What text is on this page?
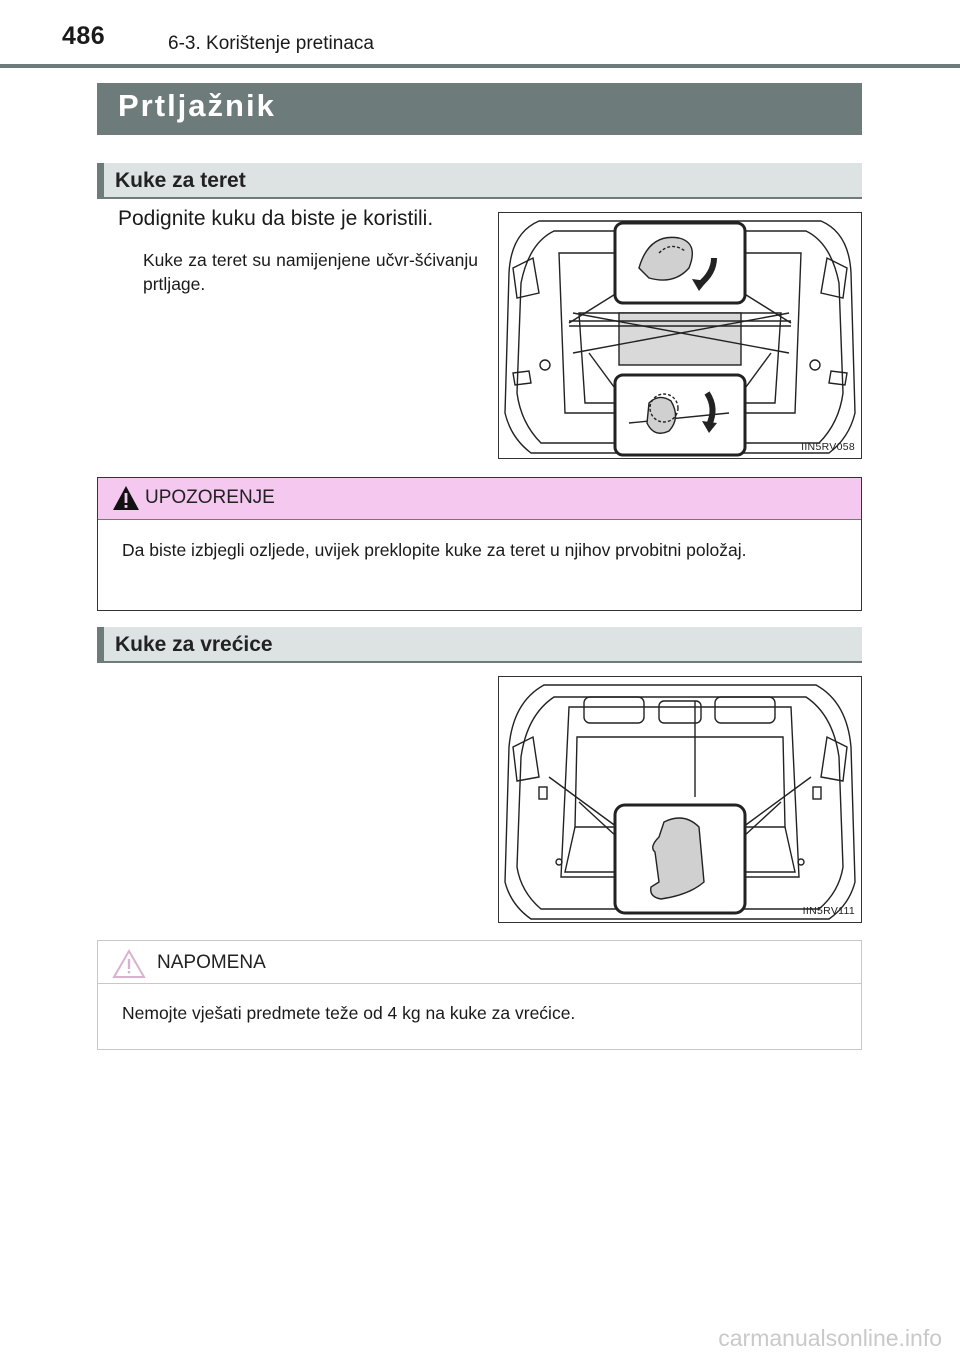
486	6-3. Korištenje pretinaca
Prtljažnik
Kuke za teret
Podignite kuku da biste je koristili.
Kuke za teret su namijenjene učvr-šćivanju prtljage.
IIN5RV058
UPOZORENJE
Da biste izbjegli ozljede, uvijek preklopite kuke za teret u njihov prvobitni položaj.
Kuke za vrećice
IIN5RV111
NAPOMENA
Nemojte vješati predmete teže od 4 kg na kuke za vrećice.
carmanualsonline.info
